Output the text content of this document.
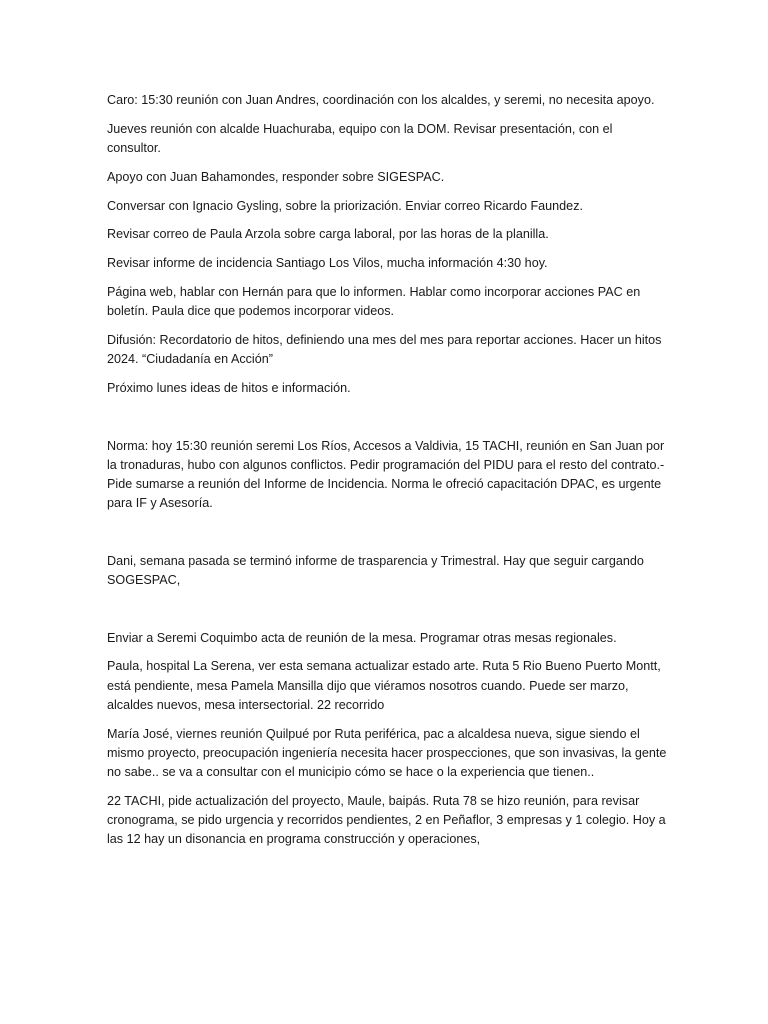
Caro: 15:30 reunión con Juan Andres, coordinación con los alcaldes, y seremi, no necesita apoyo.

Jueves reunión con alcalde Huachuraba, equipo con la DOM. Revisar presentación, con el consultor.

Apoyo con Juan Bahamondes, responder sobre SIGESPAC.

Conversar con Ignacio Gysling, sobre la priorización. Enviar correo Ricardo Faundez.

Revisar correo de Paula Arzola sobre carga laboral, por las horas de la planilla.

Revisar informe de incidencia Santiago Los Vilos, mucha información 4:30 hoy.

Página web, hablar con Hernán para que lo informen. Hablar como incorporar acciones PAC en boletín. Paula dice que podemos incorporar videos.

Difusión: Recordatorio de hitos, definiendo una mes del mes para reportar acciones. Hacer un hitos 2024. “Ciudadanía en Acción”

Próximo lunes ideas de hitos e información.

Norma: hoy 15:30 reunión seremi Los Ríos, Accesos a Valdivia, 15 TACHI, reunión en San Juan por la tronaduras, hubo con algunos conflictos. Pedir programación del PIDU para el resto del contrato.- Pide sumarse a reunión del Informe de Incidencia. Norma le ofreció capacitación DPAC, es urgente para IF y Asesoría.

Dani, semana pasada se terminó informe de trasparencia y Trimestral. Hay que seguir cargando SOGESPAC,

Enviar a Seremi Coquimbo acta de reunión de la mesa. Programar otras mesas regionales.

Paula, hospital La Serena, ver esta semana actualizar estado arte. Ruta 5 Rio Bueno Puerto Montt, está pendiente, mesa Pamela Mansilla dijo que viéramos nosotros cuando. Puede ser marzo, alcaldes nuevos, mesa intersectorial. 22 recorrido

María José, viernes reunión Quilpué por Ruta periférica, pac a alcaldesa nueva, sigue siendo el mismo proyecto, preocupación ingeniería necesita hacer prospecciones, que son invasivas, la gente no sabe.. se va a consultar con el municipio cómo se hace o la experiencia que tienen..

22 TACHI, pide actualización del proyecto, Maule, baipás. Ruta 78 se hizo reunión, para revisar cronograma, se pido urgencia y recorridos pendientes, 2 en Peñaflor, 3 empresas y 1 colegio. Hoy a las 12 hay un disonancia en programa construcción y operaciones,
